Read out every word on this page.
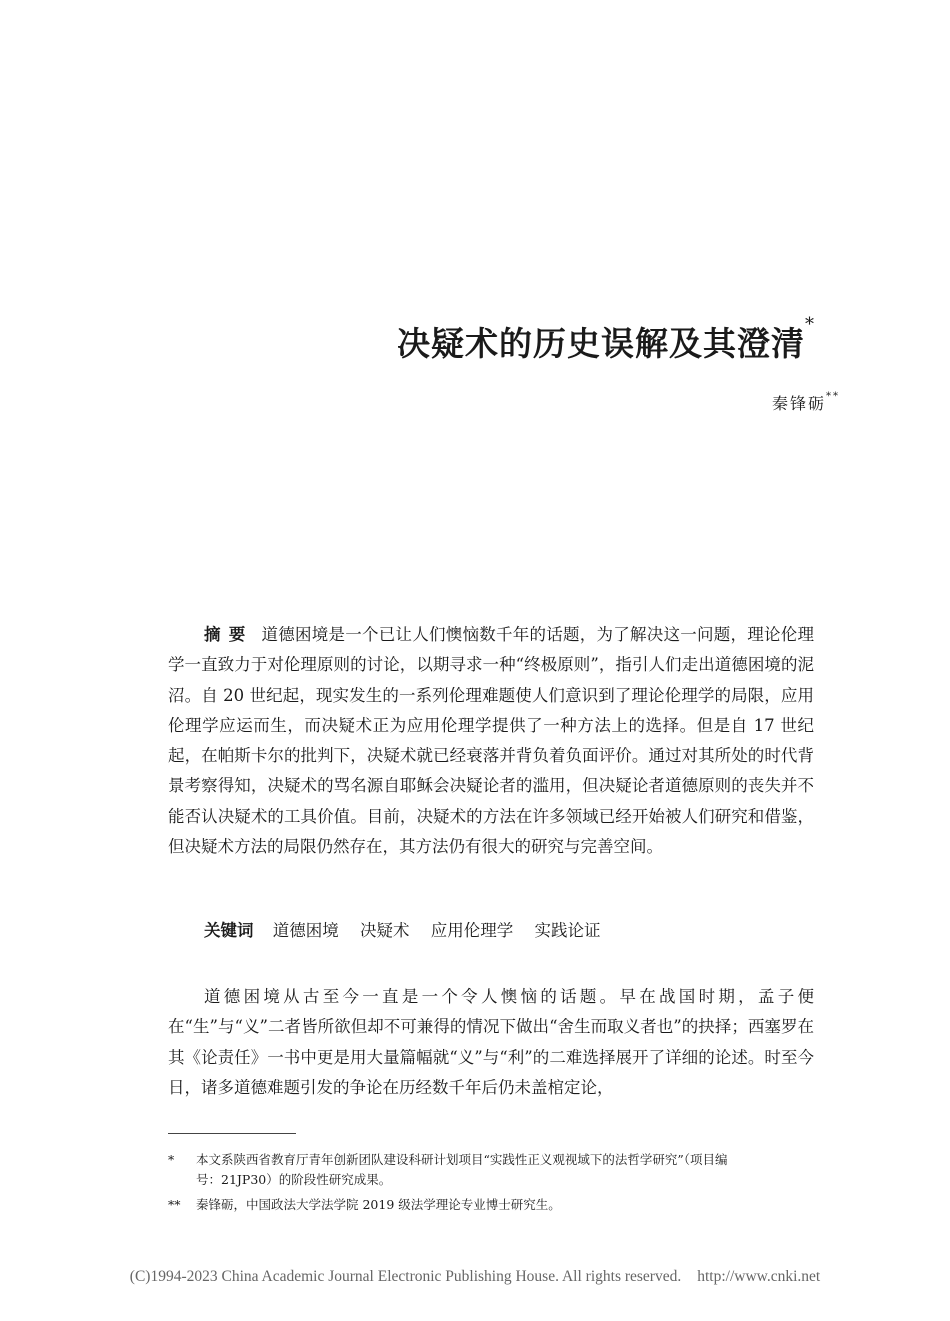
决疑术的历史误解及其澄清*
秦锋砺**
摘要 道德困境是一个已让人们懊恼数千年的话题，为了解决这一问题，理论伦理学一直致力于对伦理原则的讨论，以期寻求一种“终极原则”，指引人们走出道德困境的泥沼。自 20 世纪起，现实发生的一系列伦理难题使人们意识到了理论伦理学的局限，应用伦理学应运而生，而决疑术正为应用伦理学提供了一种方法上的选择。但是自 17 世纪起，在帕斯卡尔的批判下，决疑术就已经衰落并背负着负面评价。通过对其所处的时代背景考察得知，决疑术的骂名源自耶稣会决疑论者的滥用，但决疑论者道德原则的丧失并不能否认决疑术的工具价值。目前，决疑术的方法在许多领域已经开始被人们研究和借鉴，但决疑术方法的局限仍然存在，其方法仍有很大的研究与完善空间。
关键词 道德困境 决疑术 应用伦理学 实践论证
道德困境从古至今一直是一个令人懊恼的话题。早在战国时期，孟子便在“生”与“义”二者皆所欲但却不可兼得的情况下做出“舍生而取义者也”的抉择；西塞罗在其《论责任》一书中更是用大量篇幅就“义”与“利”的二难选择展开了详细的论述。时至今日，诸多道德难题引发的争论在历经数千年后仍未盖棺定论，
* 本文系陕西省教育厅青年创新团队建设科研计划项目“实践性正义观视域下的法哲学研究”（项目编
号：21JP30）的阶段性研究成果。
** 秦锋砺，中国政法大学法学院 2019 级法学理论专业博士研究生。
(C)1994-2023 China Academic Journal Electronic Publishing House. All rights reserved. http://www.cnki.net
